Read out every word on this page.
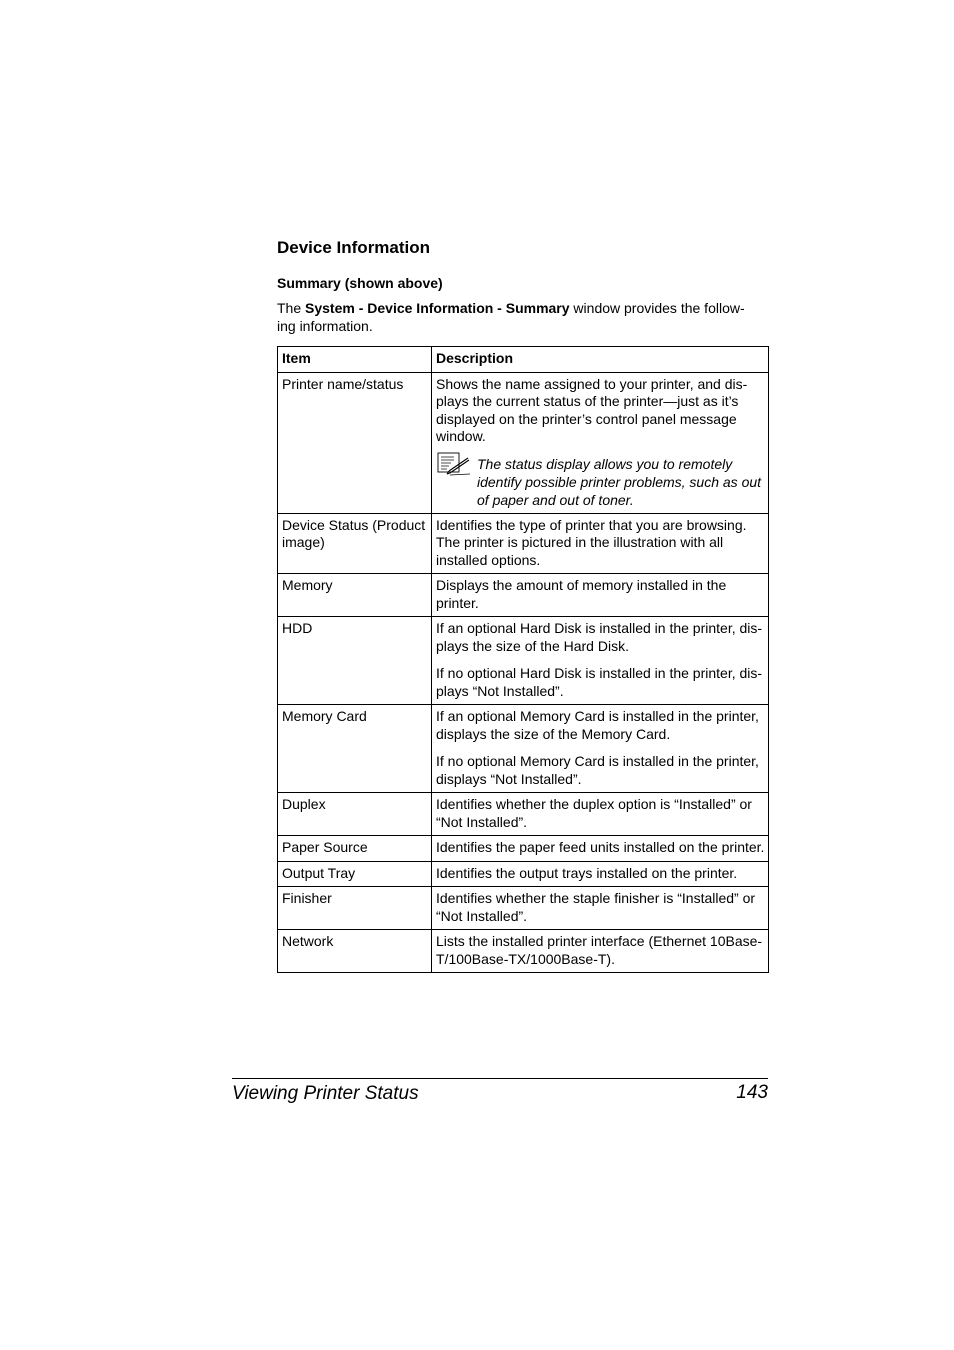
Device Information
Summary (shown above)

The System - Device Information - Summary window provides the follow-ing information.

Item	Description
Printer name/status	Shows the name assigned to your printer, and dis-plays the current status of the printer—just as it’s displayed on the printer’s control panel message window.
The status display allows you to remotely identify possible printer problems, such as out of paper and out of toner.

Device Status (Product image)	Identifies the type of printer that you are browsing. The printer is pictured in the illustration with all installed options.
Memory	Displays the amount of memory installed in the printer.
HDD	If an optional Hard Disk is installed in the printer, dis-plays the size of the Hard Disk.
If no optional Hard Disk is installed in the printer, dis-plays “Not Installed”.

Memory Card	If an optional Memory Card is installed in the printer, displays the size of the Memory Card.
If no optional Memory Card is installed in the printer, displays “Not Installed”.

Duplex	Identifies whether the duplex option is “Installed” or “Not Installed”.
Paper Source	Identifies the paper feed units installed on the printer.
Output Tray	Identifies the output trays installed on the printer.
Finisher	Identifies whether the staple finisher is “Installed” or “Not Installed”.
Network	Lists the installed printer interface (Ethernet 10Base-T/100Base-TX/1000Base-T).
Viewing Printer Status	143
